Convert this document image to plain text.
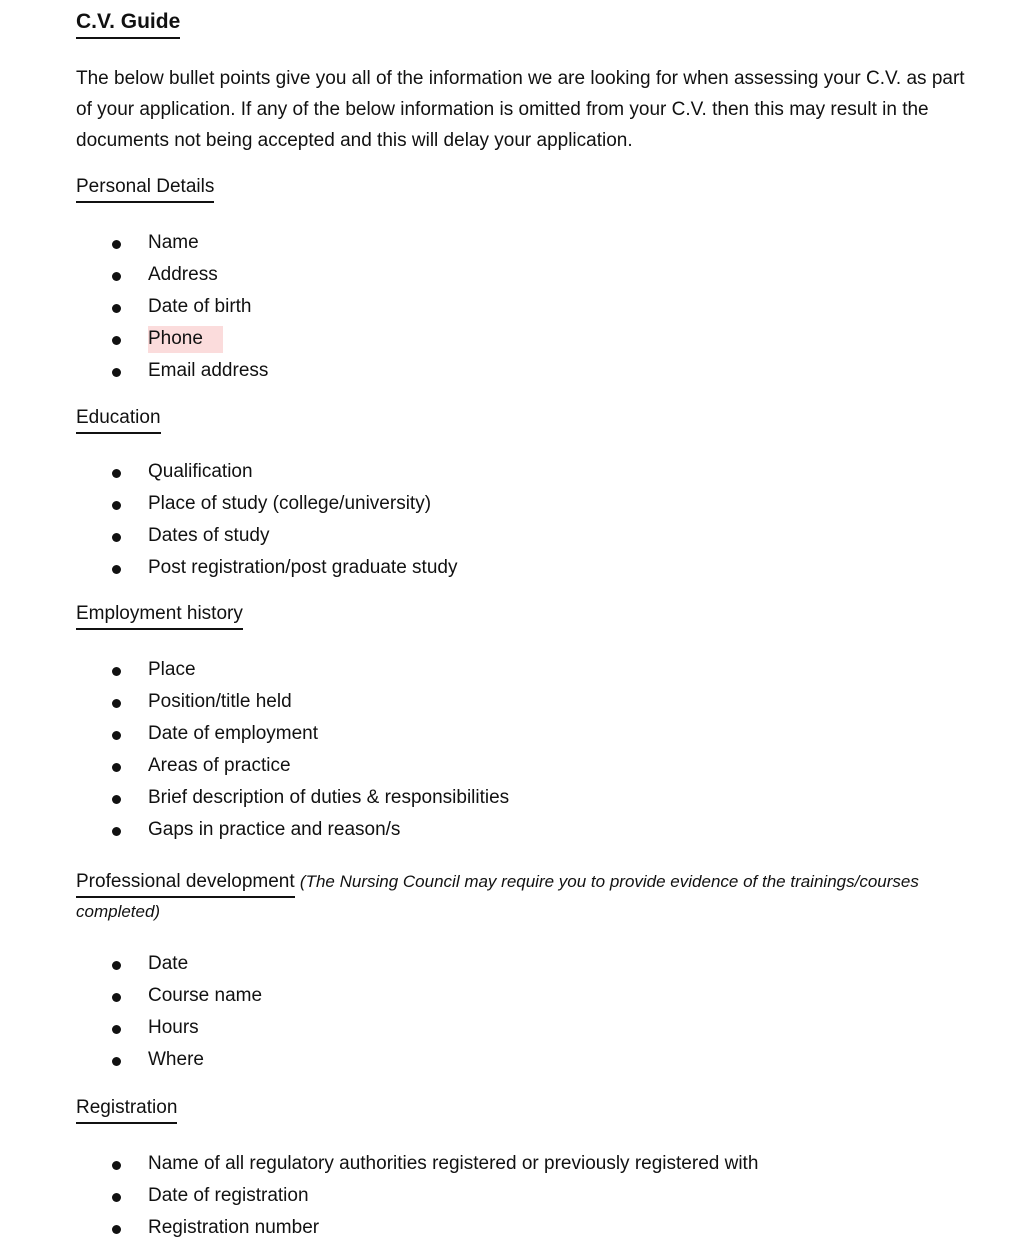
C.V. Guide

The below bullet points give you all of the information we are looking for when assessing your C.V. as part of your application. If any of the below information is omitted from your C.V. then this may result in the documents not being accepted and this will delay your application.

Personal Details
Name
Address
Date of birth
Phone
Email address
Education
Qualification
Place of study (college/university)
Dates of study
Post registration/post graduate study
Employment history
Place
Position/title held
Date of employment
Areas of practice
Brief description of duties & responsibilities
Gaps in practice and reason/s
Professional development (The Nursing Council may require you to provide evidence of the trainings/courses completed)
Date
Course name
Hours
Where
Registration
Name of all regulatory authorities registered or previously registered with
Date of registration
Registration number
